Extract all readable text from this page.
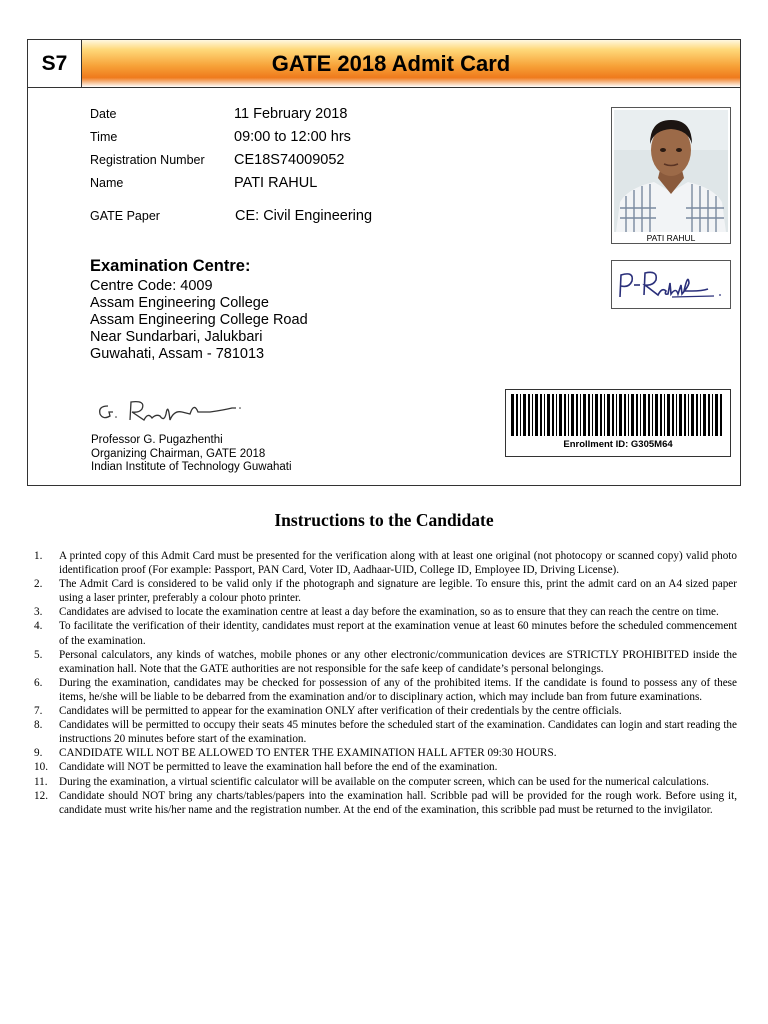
S7	GATE 2018 Admit Card
Date	11 February 2018
Time	09:00 to 12:00 hrs
Registration Number CE18S74009052
Name	PATI RAHUL
GATE Paper	CE: Civil Engineering
PATI RAHUL
Examination Centre:
Centre Code: 4009
Assam Engineering College
Assam Engineering College Road
Near Sundarbari, Jalukbari
Guwahati, Assam - 781013
Professor G. Pugazhenthi
Organizing Chairman, GATE 2018
Indian Institute of Technology Guwahati
Enrollment ID: G305M64
Instructions to the Candidate
1.	A printed copy of this Admit Card must be presented for the verification along with at least one original (not photocopy or scanned copy) valid photo identification proof (For example: Passport, PAN Card, Voter ID, Aadhaar-UID, College ID, Employee ID, Driving License).
2.	The Admit Card is considered to be valid only if the photograph and signature are legible. To ensure this, print the admit card on an A4 sized paper using a laser printer, preferably a colour photo printer.
3.	Candidates are advised to locate the examination centre at least a day before the examination, so as to ensure that they can reach the centre on time.
4.	To facilitate the verification of their identity, candidates must report at the examination venue at least 60 minutes before the scheduled commencement of the examination.
5.	Personal calculators, any kinds of watches, mobile phones or any other electronic/communication devices are STRICTLY PROHIBITED inside the examination hall. Note that the GATE authorities are not responsible for the safe keep of candidate’s personal belongings.
6.	During the examination, candidates may be checked for possession of any of the prohibited items. If the candidate is found to possess any of these items, he/she will be liable to be debarred from the examination and/or to disciplinary action, which may include ban from future examinations.
7.	Candidates will be permitted to appear for the examination ONLY after verification of their credentials by the centre officials.
8.	Candidates will be permitted to occupy their seats 45 minutes before the scheduled start of the examination. Candidates can login and start reading the instructions 20 minutes before start of the examination.
9.	CANDIDATE WILL NOT BE ALLOWED TO ENTER THE EXAMINATION HALL AFTER 09:30 HOURS.
10. Candidate will NOT be permitted to leave the examination hall before the end of the examination.
11.	During the examination, a virtual scientific calculator will be available on the computer screen, which can be used for the numerical calculations.
12. Candidate should NOT bring any charts/tables/papers into the examination hall. Scribble pad will be provided for the rough work. Before using it, candidate must write his/her name and the registration number. At the end of the examination, this scribble pad must be returned to the invigilator.
